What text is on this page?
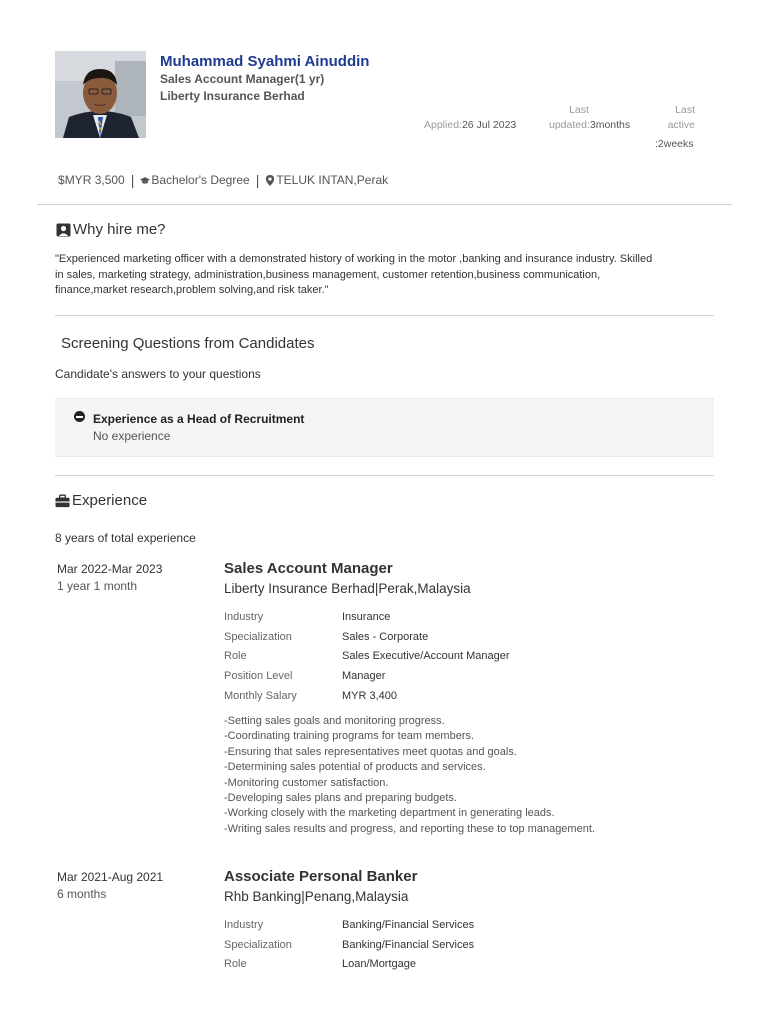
Muhammad Syahmi Ainuddin
Sales Account Manager(1 yr)
Liberty Insurance Berhad
Applied:26 Jul 2023
Last
updated:3months
Last
active
:2weeks
$ MYR 3,500 | Bachelor's Degree | TELUK INTAN,Perak
Why hire me?
"Experienced marketing officer with a demonstrated history of working in the motor ,banking and insurance industry. Skilled in sales, marketing strategy, administration,business management, customer retention,business communication, finance,market research,problem solving,and risk taker."
Screening Questions from Candidates
Candidate's answers to your questions
Experience as a Head of Recruitment
No experience
Experience
8 years of total experience
Mar 2022-Mar 2023
1 year 1 month
Sales Account Manager
Liberty Insurance Berhad|Perak,Malaysia
Industry	Insurance
Specialization	Sales - Corporate
Role	Sales Executive/Account Manager
Position Level	Manager
Monthly Salary	MYR 3,400
-Setting sales goals and monitoring progress.
-Coordinating training programs for team members.
-Ensuring that sales representatives meet quotas and goals.
-Determining sales potential of products and services.
-Monitoring customer satisfaction.
-Developing sales plans and preparing budgets.
-Working closely with the marketing department in generating leads.
-Writing sales results and progress, and reporting these to top management.
Mar 2021-Aug 2021
6 months
Associate Personal Banker
Rhb Banking|Penang,Malaysia
Industry	Banking/Financial Services
Specialization	Banking/Financial Services
Role	Loan/Mortgage
